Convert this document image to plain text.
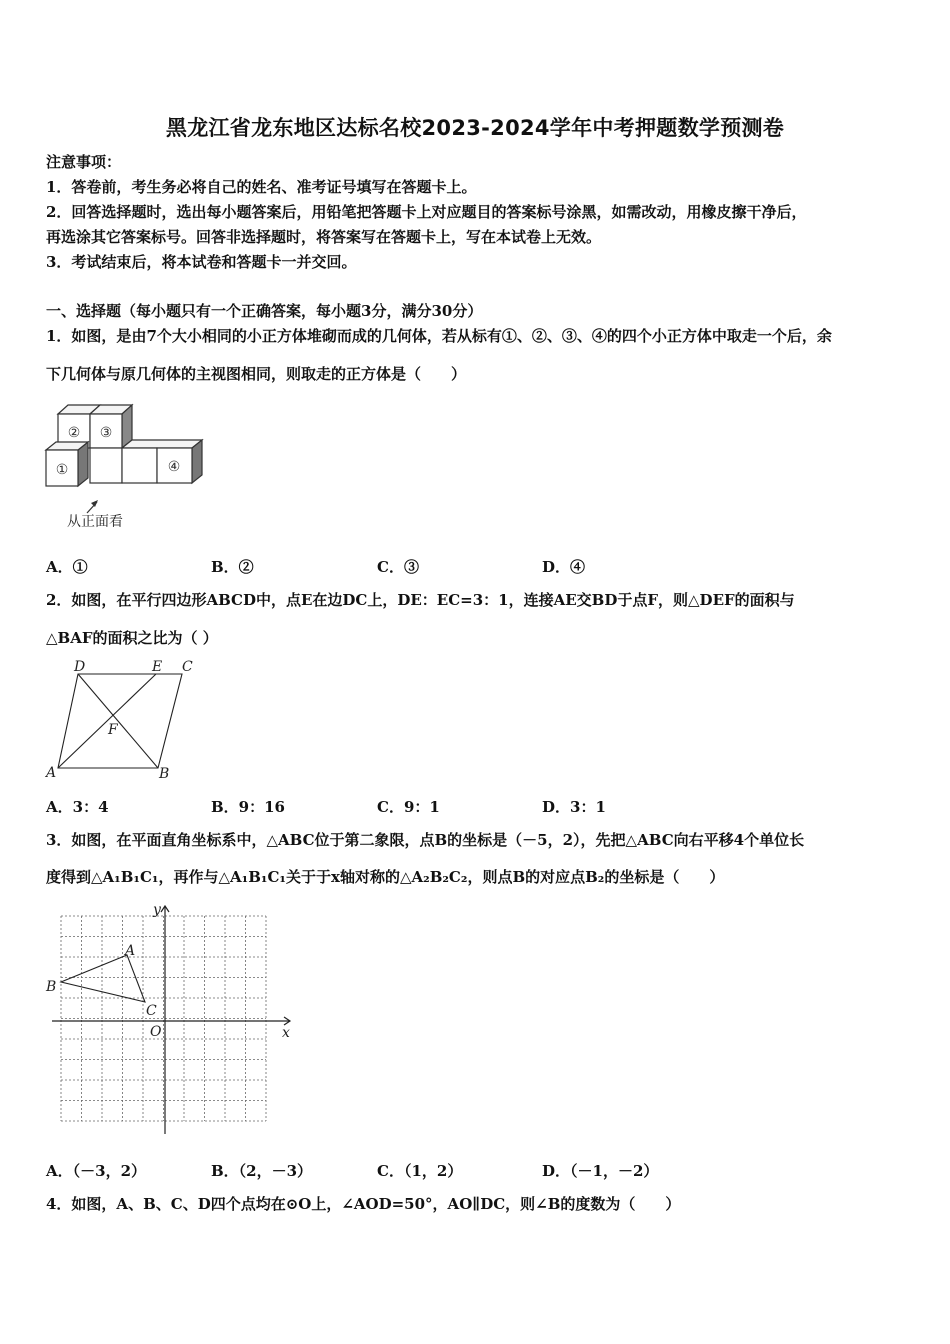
黑龙江省龙东地区达标名校2023-2024学年中考押题数学预测卷
注意事项：
1．答卷前，考生务必将自己的姓名、准考证号填写在答题卡上。
2．回答选择题时，选出每小题答案后，用铅笔把答题卡上对应题目的答案标号涂黑，如需改动，用橡皮擦干净后，
再选涂其它答案标号。回答非选择题时，将答案写在答题卡上，写在本试卷上无效。
3．考试结束后，将本试卷和答题卡一并交回。
一、选择题（每小题只有一个正确答案，每小题3分，满分30分）
1．如图，是由7个大小相同的小正方体堆砌而成的几何体，若从标有①、②、③、④的四个小正方体中取走一个后，余
下几何体与原几何体的主视图相同，则取走的正方体是（　　）
② ③
①	④
从正面看
A．①	B．②	C．③	D．④
2．如图，在平行四边形ABCD中，点E在边DC上，DE：EC=3：1，连接AE交BD于点F，则△DEF的面积与
△BAF的面积之比为（ ）
D	E C
F
A	B
A．3：4	B．9：16	C．9：1	D．3：1
3．如图，在平面直角坐标系中，△ABC位于第二象限，点B的坐标是（－5，2），先把△ABC向右平移4个单位长
度得到△A₁B₁C₁，再作与△A₁B₁C₁关于于x轴对称的△A₂B₂C₂，则点B的对应点B₂的坐标是（　　）
y
x
A
B
C
O
A．（－3，2）	B．（2，－3）	C．（1，2）	D．（－1，－2）
4．如图，A、B、C、D四个点均在⊙O上，∠AOD=50°，AO∥DC，则∠B的度数为（　　）
